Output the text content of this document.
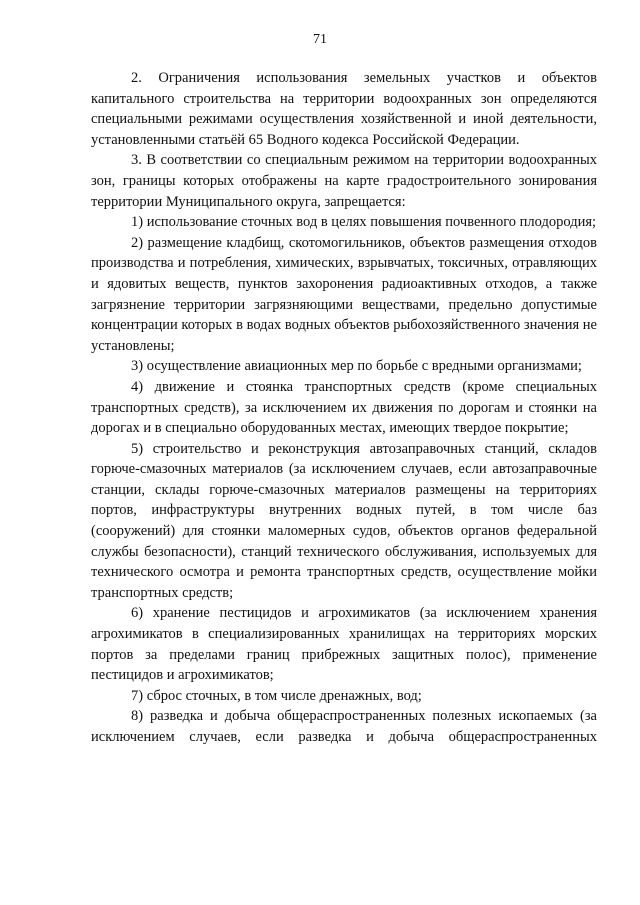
71

2. Ограничения использования земельных участков и объектов капитального строительства на территории водоохранных зон определяются специальными режимами осуществления хозяйственной и иной деятельности, установленными статьёй 65 Водного кодекса Российской Федерации.

3. В соответствии со специальным режимом на территории водоохранных зон, границы которых отображены на карте градостроительного зонирования территории Муниципального округа, запрещается:

1) использование сточных вод в целях повышения почвенного плодородия;

2) размещение кладбищ, скотомогильников, объектов размещения отходов производства и потребления, химических, взрывчатых, токсичных, отравляющих и ядовитых веществ, пунктов захоронения радиоактивных отходов, а также загрязнение территории загрязняющими веществами, предельно допустимые концентрации которых в водах водных объектов рыбохозяйственного значения не установлены;

3) осуществление авиационных мер по борьбе с вредными организмами;

4) движение и стоянка транспортных средств (кроме специальных транспортных средств), за исключением их движения по дорогам и стоянки на дорогах и в специально оборудованных местах, имеющих твердое покрытие;

5) строительство и реконструкция автозаправочных станций, складов горюче-смазочных материалов (за исключением случаев, если автозаправочные станции, склады горюче-смазочных материалов размещены на территориях портов, инфраструктуры внутренних водных путей, в том числе баз (сооружений) для стоянки маломерных судов, объектов органов федеральной службы безопасности), станций технического обслуживания, используемых для технического осмотра и ремонта транспортных средств, осуществление мойки транспортных средств;

6) хранение пестицидов и агрохимикатов (за исключением хранения агрохимикатов в специализированных хранилищах на территориях морских портов за пределами границ прибрежных защитных полос), применение пестицидов и агрохимикатов;

7) сброс сточных, в том числе дренажных, вод;

8) разведка и добыча общераспространенных полезных ископаемых (за исключением случаев, если разведка и добыча общераспространенных
